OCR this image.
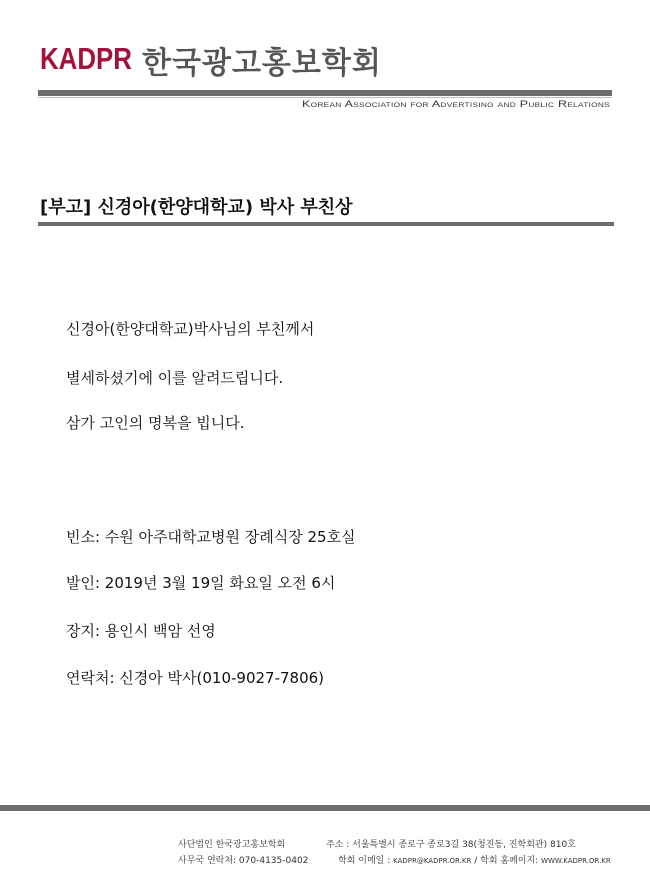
KADPR 한국광고홍보학회
Korean Association for Advertising and Public Relations
[부고] 신경아(한양대학교) 박사 부친상
신경아(한양대학교)박사님의 부친께서
별세하셨기에 이를 알려드립니다.
삼가 고인의 명복을 빕니다.
빈소: 수원 아주대학교병원 장례식장 25호실
발인: 2019년 3월 19일 화요일 오전 6시
장지: 용인시 백암 선영
연락처: 신경아 박사(010-9027-7806)
사단법인 한국광고홍보학회
사무국 연락처: 070-4135-0402
주소 : 서울특별시 종로구 종로3길 38(청진동, 진학회관) 810호
학회 이메일 : KADPR@KADPR.OR.KR / 학회 홈페이지: WWW.KADPR.OR.KR
